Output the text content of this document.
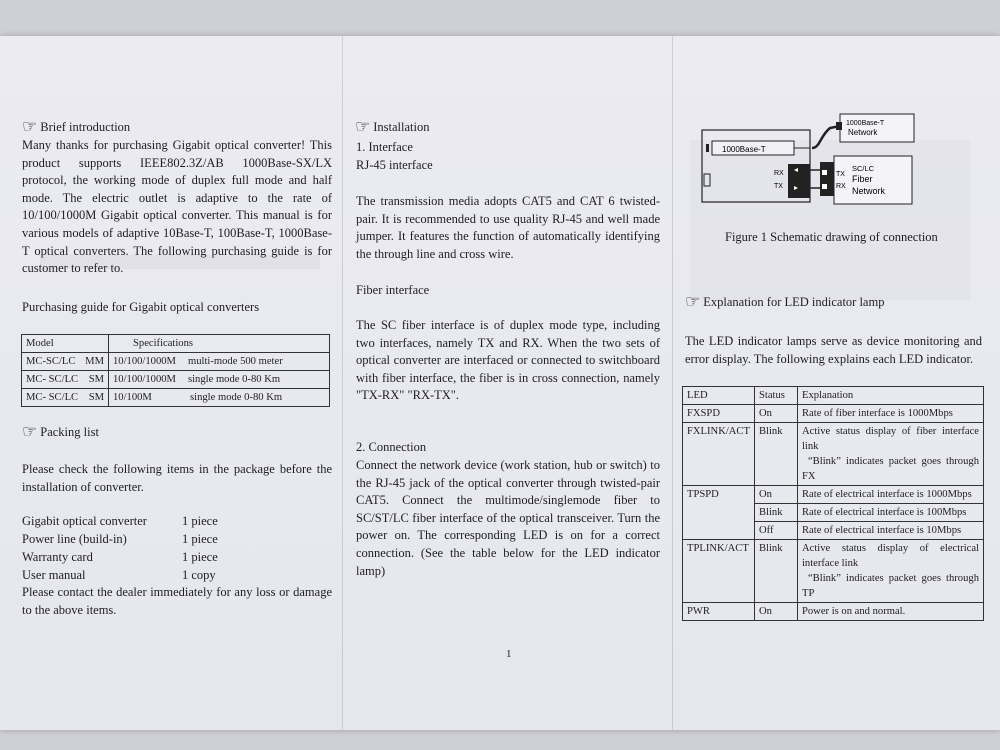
☞ Brief introduction
Many thanks for purchasing Gigabit optical converter! This product supports IEEE802.3Z/AB 1000Base-SX/LX protocol, the working mode of duplex full mode and half mode. The electric outlet is adaptive to the rate of 10/100/1000M Gigabit optical converter. This manual is for various models of adaptive 10Base-T, 100Base-T, 1000Base-T optical converters. The following purchasing guide is for customer to refer to.
Purchasing guide for Gigabit optical converters
Model	Specifications
MC-SC/LC MM	10/100/1000M multi-mode 500 meter
MC- SC/LC SM	10/100/1000M single mode 0-80 Km
MC- SC/LC SM	10/100M single mode 0-80 Km
☞ Packing list
Please check the following items in the package before the installation of converter.
Gigabit optical converter	1 piece
Power line (build-in)	1 piece
Warranty card	1 piece
User manual	1 copy
Please contact the dealer immediately for any loss or damage to the above items.
☞ Installation
1. Interface
RJ-45 interface
The transmission media adopts CAT5 and CAT 6 twisted-pair. It is recommended to use quality RJ-45 and well made jumper. It features the function of automatically identifying the through line and cross wire.
Fiber interface
The SC fiber interface is of duplex mode type, including two interfaces, namely TX and RX. When the two sets of optical converter are interfaced or connected to switchboard with fiber interface, the fiber is in cross connection, namely "TX-RX" "RX-TX".
2. Connection
Connect the network device (work station, hub or switch) to the RJ-45 jack of the optical converter through twisted-pair CAT5. Connect the multimode/singlemode fiber to SC/ST/LC fiber interface of the optical transceiver. Turn the power on. The corresponding LED is on for a correct connection. (See the table below for the LED indicator lamp)
1
1000Base-T
RX
TX
1000Base-T
Network
TX
RX
SC/LC
Fiber
Network
Figure 1 Schematic drawing of connection
☞ Explanation for LED indicator lamp
The LED indicator lamps serve as device monitoring and error display. The following explains each LED indicator.
LED	Status	Explanation
FXSPD	On	Rate of fiber interface is 1000Mbps
FXLINK/ACT	Blink	Active status display of fiber interface link
“Blink” indicates packet goes through FX

TPSPD	On	Rate of electrical interface is 1000Mbps
	Blink	Rate of electrical interface is 100Mbps
	Off	Rate of electrical interface is 10Mbps
TPLINK/ACT	Blink	Active status display of electrical interface link
“Blink” indicates packet goes through TP

PWR	On	Power is on and normal.
